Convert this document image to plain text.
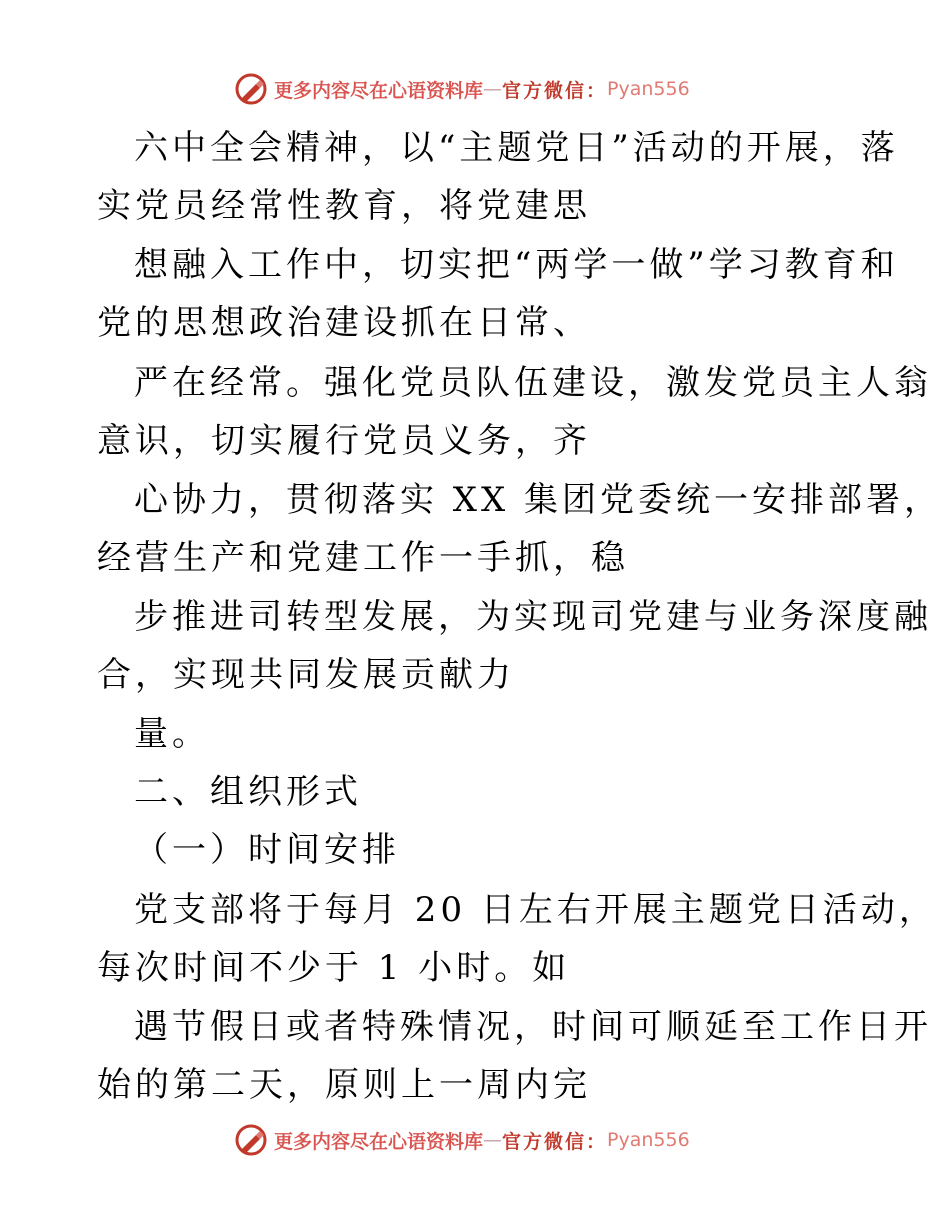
更多内容尽在心语资料库 — 官方微信： Pyan556
六中全会精神，以“主题党日”活动的开展，落
实党员经常性教育，将党建思
想融入工作中，切实把“两学一做”学习教育和
党的思想政治建设抓在日常、
严在经常。强化党员队伍建设，激发党员主人翁
意识，切实履行党员义务，齐
心协力，贯彻落实 XX 集团党委统一安排部署，
经营生产和党建工作一手抓，稳
步推进司转型发展，为实现司党建与业务深度融
合，实现共同发展贡献力
量。
二、组织形式
（一）时间安排
党支部将于每月 20 日左右开展主题党日活动，
每次时间不少于 1 小时。如
遇节假日或者特殊情况，时间可顺延至工作日开
始的第二天，原则上一周内完
更多内容尽在心语资料库 — 官方微信： Pyan556
